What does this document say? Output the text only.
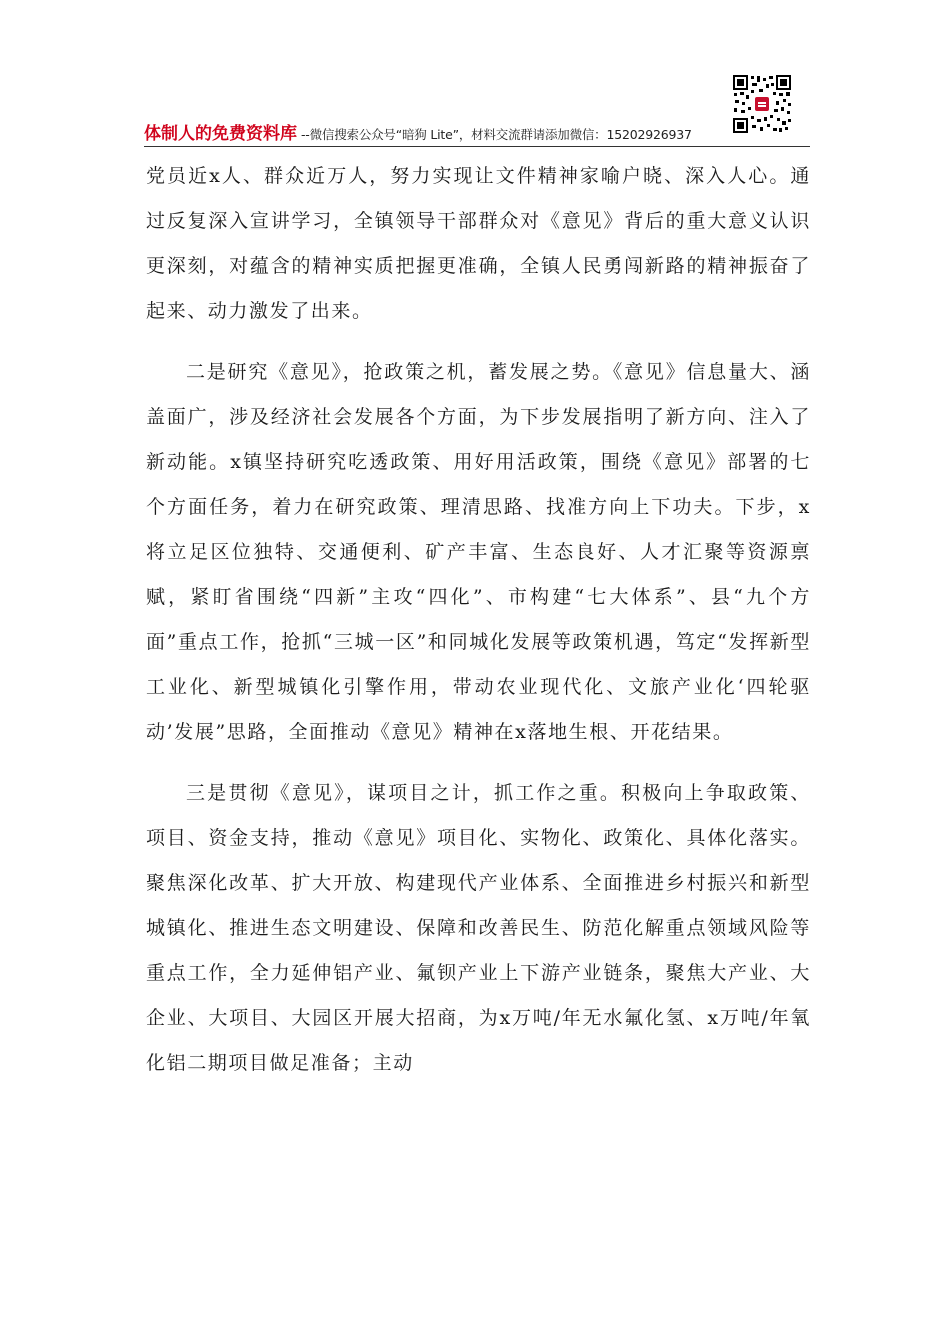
体制人的免费资料库 --微信搜索公众号“暗狗 Lite”，材料交流群请添加微信：15202926937

党员近x人、群众近万人，努力实现让文件精神家喻户晓、深入人心。通过反复深入宣讲学习，全镇领导干部群众对《意见》背后的重大意义认识更深刻，对蕴含的精神实质把握更准确，全镇人民勇闯新路的精神振奋了起来、动力激发了出来。

二是研究《意见》，抢政策之机，蓄发展之势。《意见》信息量大、涵盖面广，涉及经济社会发展各个方面，为下步发展指明了新方向、注入了新动能。x镇坚持研究吃透政策、用好用活政策，围绕《意见》部署的七个方面任务，着力在研究政策、理清思路、找准方向上下功夫。下步，x将立足区位独特、交通便利、矿产丰富、生态良好、人才汇聚等资源禀赋，紧盯省围绕“四新”主攻“四化”、市构建“七大体系”、县“九个方面”重点工作，抢抓“三城一区”和同城化发展等政策机遇，笃定“发挥新型工业化、新型城镇化引擎作用，带动农业现代化、文旅产业化‘四轮驱动’发展”思路，全面推动《意见》精神在x落地生根、开花结果。

三是贯彻《意见》，谋项目之计，抓工作之重。积极向上争取政策、项目、资金支持，推动《意见》项目化、实物化、政策化、具体化落实。聚焦深化改革、扩大开放、构建现代产业体系、全面推进乡村振兴和新型城镇化、推进生态文明建设、保障和改善民生、防范化解重点领域风险等重点工作，全力延伸铝产业、氟钡产业上下游产业链条，聚焦大产业、大企业、大项目、大园区开展大招商，为x万吨/年无水氟化氢、x万吨/年氧化铝二期项目做足准备；主动
